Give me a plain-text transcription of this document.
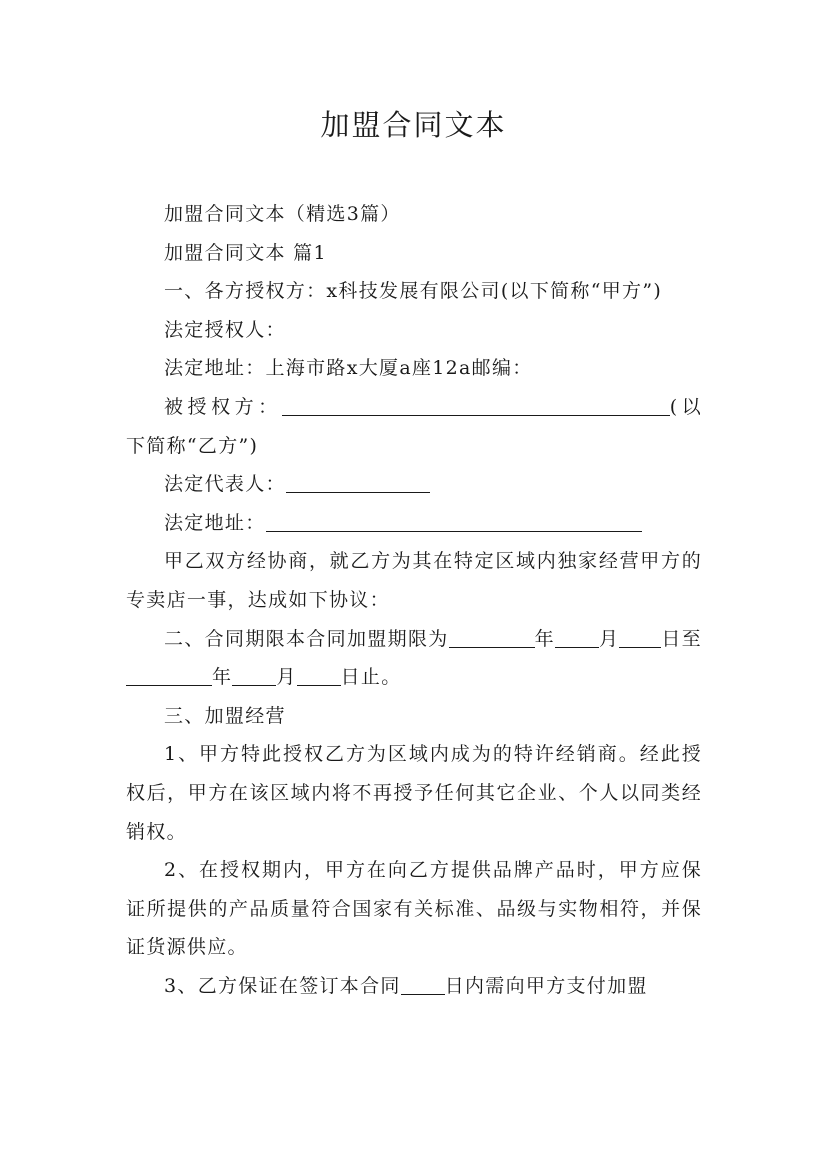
加盟合同文本

加盟合同文本（精选3篇）

加盟合同文本 篇1

一、各方授权方：x科技发展有限公司(以下简称“甲方”)

法定授权人：

法定地址：上海市路x大厦a座12a邮编：

被授权方：	(以下简称“乙方”)

法定代表人：

法定地址：

甲乙双方经协商，就乙方为其在特定区域内独家经营甲方的专卖店一事，达成如下协议：

二、合同期限本合同加盟期限为	年 月 日至年 月 日止。

三、加盟经营

1、甲方特此授权乙方为区域内成为的特许经销商。经此授权后，甲方在该区域内将不再授予任何其它企业、个人以同类经销权。

2、在授权期内，甲方在向乙方提供品牌产品时，甲方应保证所提供的产品质量符合国家有关标准、品级与实物相符，并保证货源供应。

3、乙方保证在签订本合同 日内需向甲方支付加盟
